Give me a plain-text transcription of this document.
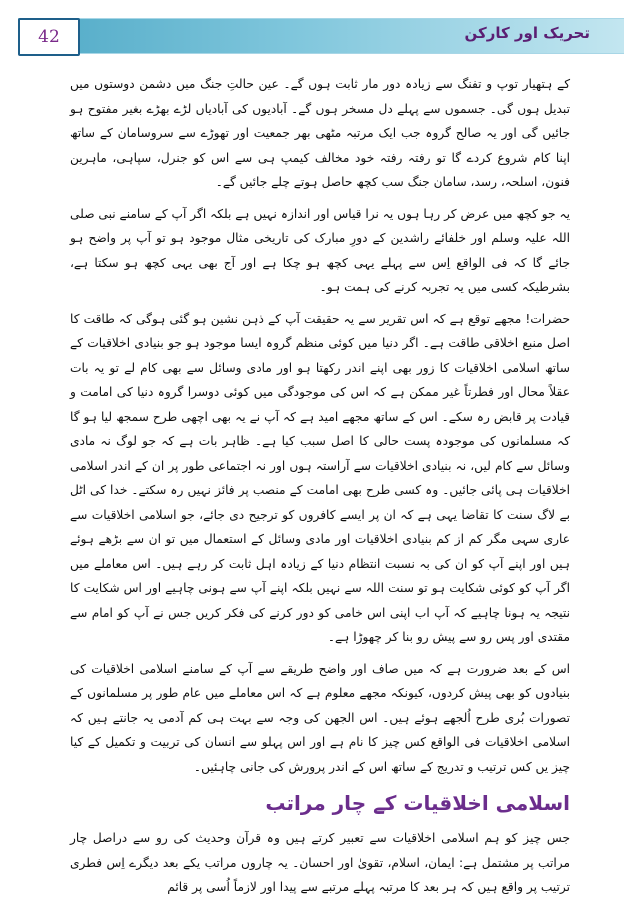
42	تحریک اور کارکن

کے ہتھیار توپ و تفنگ سے زیادہ دور مار ثابت ہوں گے۔ عین حالتِ جنگ میں دشمن دوستوں میں تبدیل ہوں گی۔ جسموں سے پہلے دل مسخر ہوں گے۔ آبادیوں کی آبادیاں لڑے بھڑے بغیر مفتوح ہو جائیں گی اور یہ صالح گروہ جب ایک مرتبہ مٹھی بھر جمعیت اور تھوڑے سے سروسامان کے ساتھ اپنا کام شروع کردے گا تو رفتہ رفتہ خود مخالف کیمپ ہی سے اس کو جنرل، سپاہی، ماہرین فنون، اسلحہ، رسد، سامان جنگ سب کچھ حاصل ہوتے چلے جائیں گے۔

یہ جو کچھ میں عرض کر رہا ہوں یہ نرا قیاس اور اندازہ نہیں ہے بلکہ اگر آپ کے سامنے نبی صلی اللہ علیہ وسلم اور خلفائے راشدین کے دورِ مبارک کی تاریخی مثال موجود ہو تو آپ پر واضح ہو جائے گا کہ فی الواقع اِس سے پہلے یہی کچھ ہو چکا ہے اور آج بھی یہی کچھ ہو سکتا ہے، بشرطیکہ کسی میں یہ تجربہ کرنے کی ہمت ہو۔

حضرات! مجھے توقع ہے کہ اس تقریر سے یہ حقیقت آپ کے ذہن نشین ہو گئی ہوگی کہ طاقت کا اصل منبع اخلاقی طاقت ہے۔ اگر دنیا میں کوئی منظم گروہ ایسا موجود ہو جو بنیادی اخلاقیات کے ساتھ اسلامی اخلاقیات کا زور بھی اپنے اندر رکھتا ہو اور مادی وسائل سے بھی کام لے تو یہ بات عقلاً محال اور فطرتاً غیر ممکن ہے کہ اس کی موجودگی میں کوئی دوسرا گروہ دنیا کی امامت و قیادت پر قابض رہ سکے۔ اس کے ساتھ مجھے امید ہے کہ آپ نے یہ بھی اچھی طرح سمجھ لیا ہو گا کہ مسلمانوں کی موجودہ پست حالی کا اصل سبب کیا ہے۔ ظاہر بات ہے کہ جو لوگ نہ مادی وسائل سے کام لیں، نہ بنیادی اخلاقیات سے آراستہ ہوں اور نہ اجتماعی طور پر ان کے اندر اسلامی اخلاقیات ہی پائی جائیں۔ وہ کسی طرح بھی امامت کے منصب پر فائز نہیں رہ سکتے۔ خدا کی اٹل بے لاگ سنت کا تقاضا یہی ہے کہ ان پر ایسے کافروں کو ترجیح دی جائے، جو اسلامی اخلاقیات سے عاری سہی مگر کم از کم بنیادی اخلاقیات اور مادی وسائل کے استعمال میں تو ان سے بڑھے ہوئے ہیں اور اپنے آپ کو ان کی بہ نسبت انتظام دنیا کے زیادہ اہل ثابت کر رہے ہیں۔ اس معاملے میں اگر آپ کو کوئی شکایت ہو تو سنت اللہ سے نہیں بلکہ اپنے آپ سے ہونی چاہیے اور اس شکایت کا نتیجہ یہ ہونا چاہیے کہ آپ اب اپنی اس خامی کو دور کرنے کی فکر کریں جس نے آپ کو امام سے مقتدی اور پس رو سے پیش رو بنا کر چھوڑا ہے۔

اس کے بعد ضرورت ہے کہ میں صاف اور واضح طریقے سے آپ کے سامنے اسلامی اخلاقیات کی بنیادوں کو بھی پیش کردوں، کیونکہ مجھے معلوم ہے کہ اس معاملے میں عام طور پر مسلمانوں کے تصورات بُری طرح اُلجھے ہوئے ہیں۔ اس الجھن کی وجہ سے بہت ہی کم آدمی یہ جانتے ہیں کہ اسلامی اخلاقیات فی الواقع کس چیز کا نام ہے اور اس پہلو سے انسان کی تربیت و تکمیل کے کیا چیز یں کس ترتیب و تدریج کے ساتھ اس کے اندر پرورش کی جانی چاہئیں۔

اسلامی اخلاقیات کے چار مراتب

جس چیز کو ہم اسلامی اخلاقیات سے تعبیر کرتے ہیں وہ قرآن وحدیث کی رو سے دراصل چار مراتب پر مشتمل ہے: ایمان، اسلام، تقویٰ اور احسان۔ یہ چاروں مراتب یکے بعد دیگرے اِس فطری ترتیب پر واقع ہیں کہ ہر بعد کا مرتبہ پہلے مرتبے سے پیدا اور لازماً اُسی پر قائم
